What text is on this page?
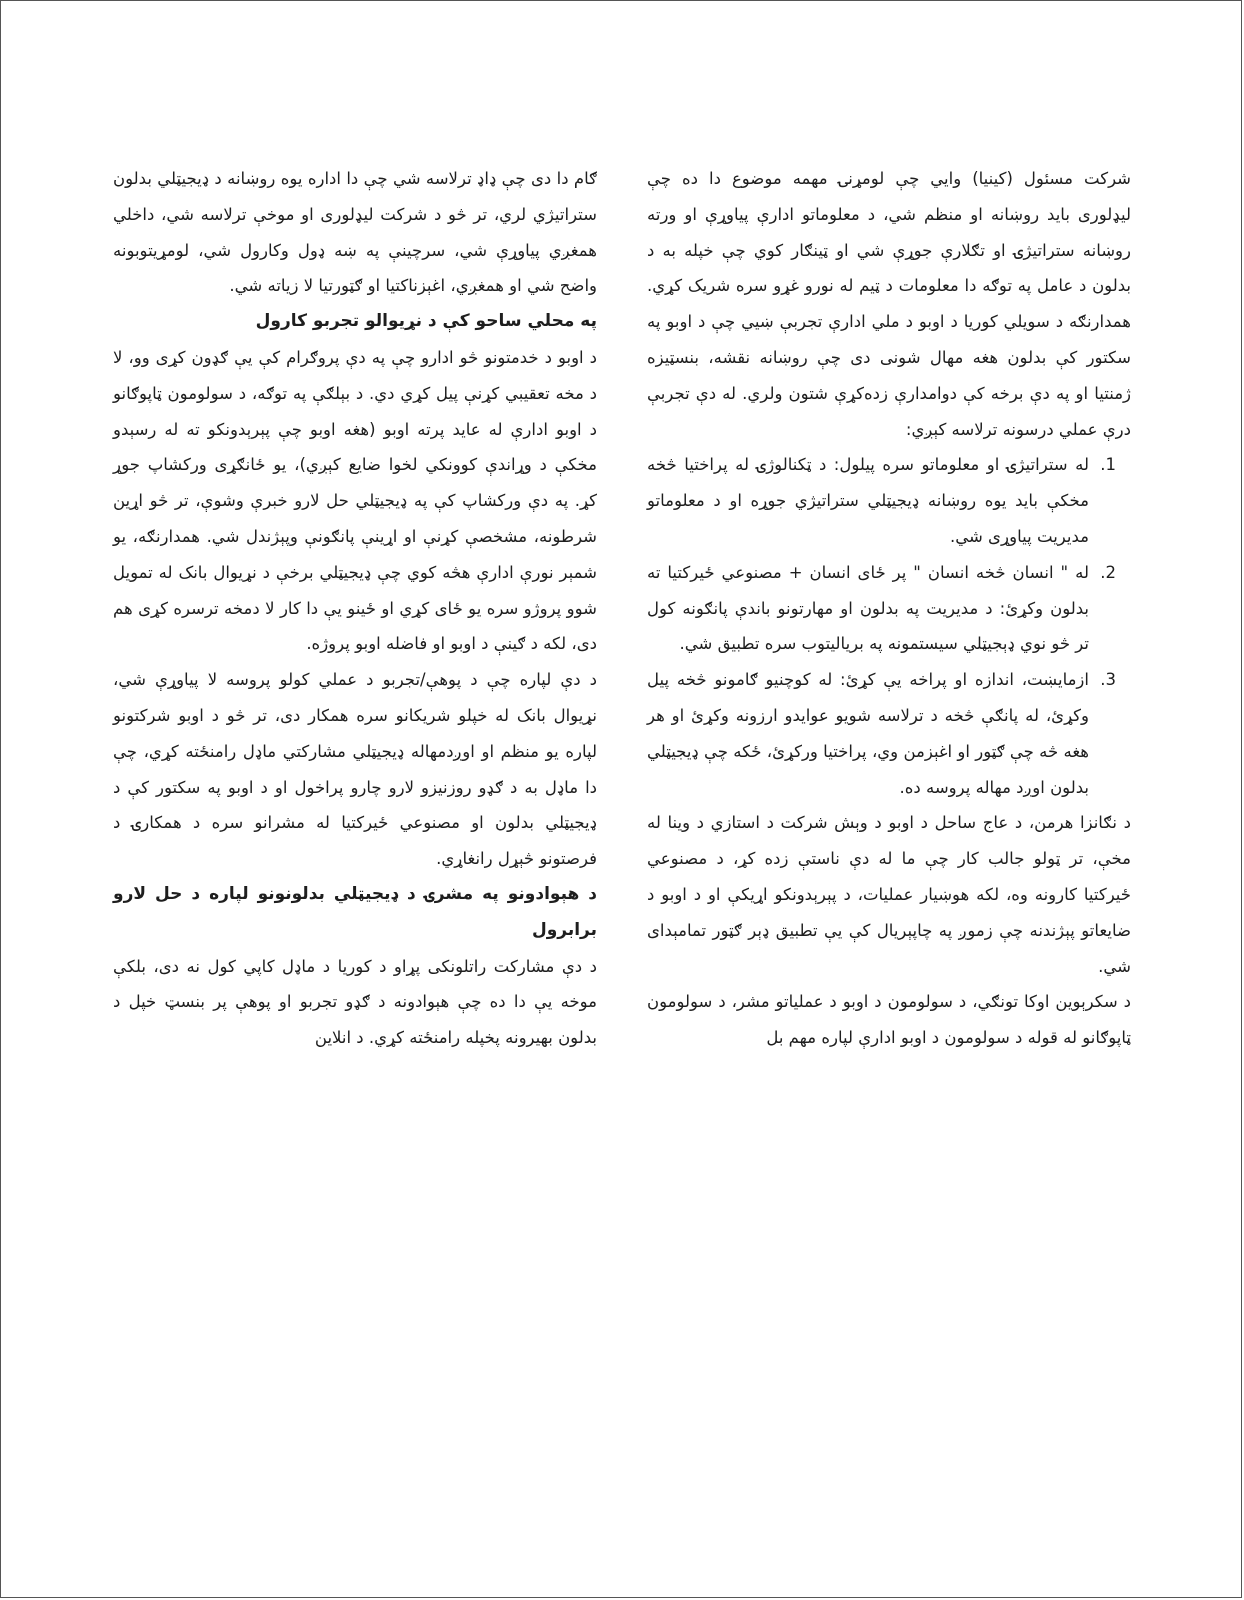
شرکت مسئول (کينيا) وايي چې لومړنۍ مهمه موضوع دا ده چې ليډلوری بايد روښانه او منظم شي، د معلوماتو ادارې پياوړې او ورته روښانه ستراتيژۍ او تګلارې جوړې شي او ټينګار کوي چې خپله به د بدلون د عامل په توګه دا معلومات د ټيم له نورو غړو سره شريک کړي. همدارنګه د سويلي کوريا د اوبو د ملي ادارې تجربې ښيي چې د اوبو په سکتور کې بدلون هغه مهال شونی دی چې روښانه نقشه، بنسټيزه ژمنتيا او په دې برخه کې دوامدارې زده‌کړې شتون ولري. له دې تجربې درې عملي درسونه ترلاسه کېږي:

1. له ستراتيژۍ او معلوماتو سره پيلول: د ټکنالوژۍ له پراختيا څخه مخکې بايد يوه روښانه ډيجيټلي ستراتيژي جوړه او د معلوماتو مديريت پياوړی شي.
2. له " انسان څخه انسان " پر ځای انسان + مصنوعي ځيرکتيا ته بدلون وکړئ: د مديريت په بدلون او مهارتونو باندې پانګونه کول تر څو نوي ډېجيټلي سيستمونه په برياليتوب سره تطبيق شي.
3. ازمايښت، اندازه او پراخه يې کړئ: له کوچنيو ګامونو څخه پيل وکړئ، له پانګې څخه د ترلاسه شويو عوايدو ارزونه وکړئ او هر هغه څه چې ګټور او اغېزمن وي، پراختيا ورکړئ، ځکه چې ډيجيټلي بدلون اوږد مهاله پروسه ده.

د نګانزا هرمن، د عاج ساحل د اوبو د وېش شرکت د استازي د وينا له مخې، تر ټولو جالب کار چې ما له دې ناستې زده کړ، د مصنوعي ځيرکتيا کارونه وه، لکه هوښيار عمليات، د پېرېدونکو اړيکې او د اوبو د ضايعاتو پېژندنه چې زموږ په چاپېريال کې يې تطبيق ډېر ګټور تمامېدای شي.

د سکرېوين اوکا تونګي، د سولومون د اوبو د عملياتو مشر، د سولومون ټاپوګانو له قوله د سولومون د اوبو ادارې لپاره مهم بل

ګام دا دی چې ډاډ ترلاسه شي چې دا اداره يوه روښانه د ډيجيټلي بدلون ستراتيژي لري، تر څو د شرکت ليډلوری او موخې ترلاسه شي، داخلي همغږي پياوړې شي، سرچينې په ښه ډول وکارول شي، لومړيتوبونه واضح شي او همغږي، اغېزناکتيا او ګټورتيا لا زياته شي.

په محلي ساحو کې د نړيوالو تجربو کارول

د اوبو د خدمتونو څو ادارو چې په دې پروګرام کې يې ګډون کړی وو، لا د مخه تعقيبي کړنې پيل کړي دي. د بېلګې په توګه، د سولومون ټاپوګانو د اوبو ادارې له عايد پرته اوبو (هغه اوبو چې پېرېدونکو ته له رسېدو مخکې د وړاندې کوونکي لخوا ضايع کېږي)، يو ځانګړی ورکشاپ جوړ کړ. په دې ورکشاپ کې په ډيجيټلي حل لارو خبرې وشوې، تر څو اړين شرطونه، مشخصې کړنې او اړينې پانګونې وپېژندل شي. همدارنګه، يو شمېر نورې ادارې هڅه کوي چې ډيجيټلي برخې د نړيوال بانک له تمويل شوو پروژو سره يو ځای کړي او ځينو يې دا کار لا دمخه ترسره کړی هم دی، لکه د ګينې د اوبو او فاضله اوبو پروژه.

د دې لپاره چې د پوهې/تجربو د عملي کولو پروسه لا پياوړې شي، نړيوال بانک له خپلو شريکانو سره همکار دی، تر څو د اوبو شرکتونو لپاره يو منظم او اوږدمهاله ډيجيټلي مشارکتي ماډل رامنځته کړي، چې دا ماډل به د ګډو روزنيزو لارو چارو پراخول او د اوبو په سکتور کې د ډيجيټلي بدلون او مصنوعي ځيرکتيا له مشرانو سره د همکارۍ د فرصتونو څېړل رانغاړي.

د هېوادونو په مشرۍ د ډيجيټلي بدلونونو لپاره د حل لارو برابرول

د دې مشارکت راتلونکی پړاو د کوريا د ماډل کاپي کول نه دی، بلکې موخه يې دا ده چې هېوادونه د ګډو تجربو او پوهې پر بنسټ خپل د بدلون بهيرونه پخپله رامنځته کړي. د انلاين
